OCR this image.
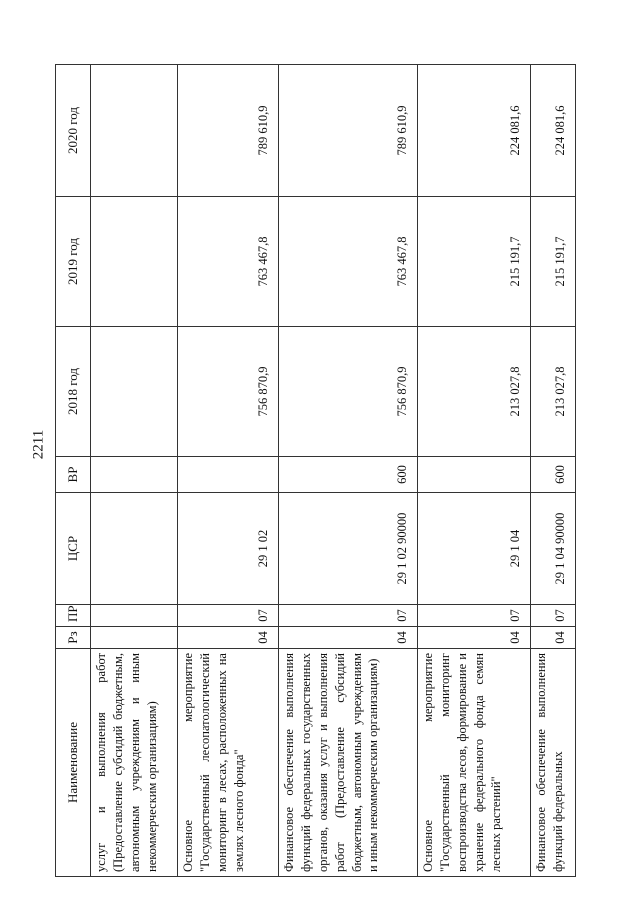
2211
Наименование	Рз	ПР	ЦСР	ВР	2018 год	2019 год	2020 год
услуг и выполнения работ (Предоставление субсидий бюджетным, автономным учреждениям и иным некоммерческим организациям)							
Основное мероприятие "Государственный лесопатологический мониторинг в лесах, расположенных на землях лесного фонда"	04	07	29 1 02		756 870,9	763 467,8	789 610,9
Финансовое обеспечение выполнения функций федеральных государственных органов, оказания услуг и выполнения работ (Предоставление субсидий бюджетным, автономным учреждениям и иным некоммерческим организациям)	04	07	29 1 02 90000	600	756 870,9	763 467,8	789 610,9
Основное мероприятие "Государственный мониторинг воспроизводства лесов, формирование и хранение федерального фонда семян лесных растений"	04	07	29 1 04		213 027,8	215 191,7	224 081,6
Финансовое обеспечение выполнения функций федеральных	04	07	29 1 04 90000	600	213 027,8	215 191,7	224 081,6
